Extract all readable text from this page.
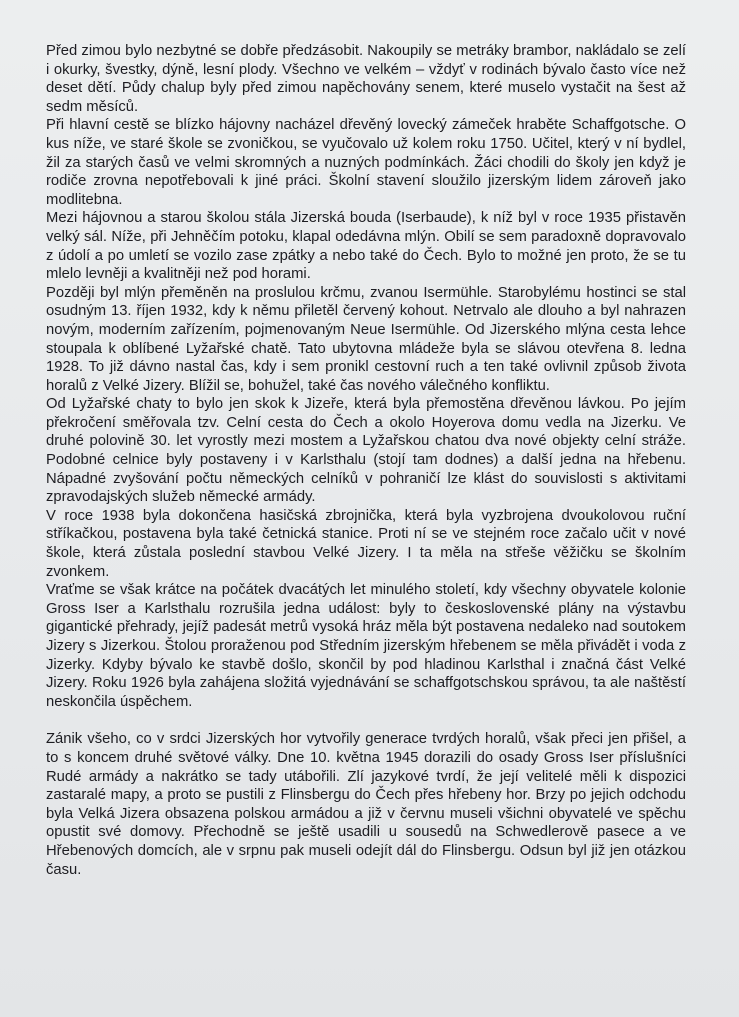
Před zimou bylo nezbytné se dobře předzásobit. Nakoupily se metráky brambor, nakládalo se zelí i okurky, švestky, dýně, lesní plody. Všechno ve velkém – vždyť v rodinách bývalo často více než deset dětí. Půdy chalup byly před zimou napěchovány senem, které muselo vystačit na šest až sedm měsíců.

Při hlavní cestě se blízko hájovny nacházel dřevěný lovecký zámeček hraběte Schaffgotsche. O kus níže, ve staré škole se zvoničkou, se vyučovalo už kolem roku 1750. Učitel, který v ní bydlel, žil za starých časů ve velmi skromných a nuzných podmínkách. Žáci chodili do školy jen když je rodiče zrovna nepotřebovali k jiné práci. Školní stavení sloužilo jizerským lidem zároveň jako modlitebna.

Mezi hájovnou a starou školou stála Jizerská bouda (Iserbaude), k níž byl v roce 1935 přistavěn velký sál. Níže, při Jehněčím potoku, klapal odedávna mlýn. Obilí se sem paradoxně dopravovalo z údolí a po umletí se vozilo zase zpátky a nebo také do Čech. Bylo to možné jen proto, že se tu mlelo levněji a kvalitněji než pod horami.

Později byl mlýn přeměněn na proslulou krčmu, zvanou Isermühle. Starobylému hostinci se stal osudným 13. říjen 1932, kdy k němu přiletěl červený kohout. Netrvalo ale dlouho a byl nahrazen novým, moderním zařízením, pojmenovaným Neue Isermühle. Od Jizerského mlýna cesta lehce stoupala k oblíbené Lyžařské chatě. Tato ubytovna mládeže byla se slávou otevřena 8. ledna 1928. To již dávno nastal čas, kdy i sem pronikl cestovní ruch a ten také ovlivnil způsob života horalů z Velké Jizery. Blížil se, bohužel, také čas nového válečného konfliktu.

Od Lyžařské chaty to bylo jen skok k Jizeře, která byla přemostěna dřevěnou lávkou. Po jejím překročení směřovala tzv. Celní cesta do Čech a okolo Hoyerova domu vedla na Jizerku. Ve druhé polovině 30. let vyrostly mezi mostem a Lyžařskou chatou dva nové objekty celní stráže. Podobné celnice byly postaveny i v Karlsthalu (stojí tam dodnes) a další jedna na hřebenu. Nápadné zvyšování počtu německých celníků v pohraničí lze klást do souvislosti s aktivitami zpravodajských služeb německé armády.

V roce 1938 byla dokončena hasičská zbrojnička, která byla vyzbrojena dvoukolovou ruční stříkačkou, postavena byla také četnická stanice. Proti ní se ve stejném roce začalo učit v nové škole, která zůstala poslední stavbou Velké Jizery. I ta měla na střeše věžičku se školním zvonkem.

Vraťme se však krátce na počátek dvacátých let minulého století, kdy všechny obyvatele kolonie Gross Iser a Karlsthalu rozrušila jedna událost: byly to československé plány na výstavbu gigantické přehrady, jejíž padesát metrů vysoká hráz měla být postavena nedaleko nad soutokem Jizery s Jizerkou. Štolou proraženou pod Středním jizerským hřebenem se měla přivádět i voda z Jizerky. Kdyby bývalo ke stavbě došlo, skončil by pod hladinou Karlsthal i značná část Velké Jizery. Roku 1926 byla zahájena složitá vyjednávání se schaffgotschskou správou, ta ale naštěstí neskončila úspěchem.

Zánik všeho, co v srdci Jizerských hor vytvořily generace tvrdých horalů, však přeci jen přišel, a to s koncem druhé světové války. Dne 10. května 1945 dorazili do osady Gross Iser příslušníci Rudé armády a nakrátko se tady utábořili. Zlí jazykové tvrdí, že její velitelé měli k dispozici zastaralé mapy, a proto se pustili z Flinsbergu do Čech přes hřebeny hor. Brzy po jejich odchodu byla Velká Jizera obsazena polskou armádou a již v červnu museli všichni obyvatelé ve spěchu opustit své domovy. Přechodně se ještě usadili u sousedů na Schwedlerově pasece a ve Hřebenových domcích, ale v srpnu pak museli odejít dál do Flinsbergu. Odsun byl již jen otázkou času.
